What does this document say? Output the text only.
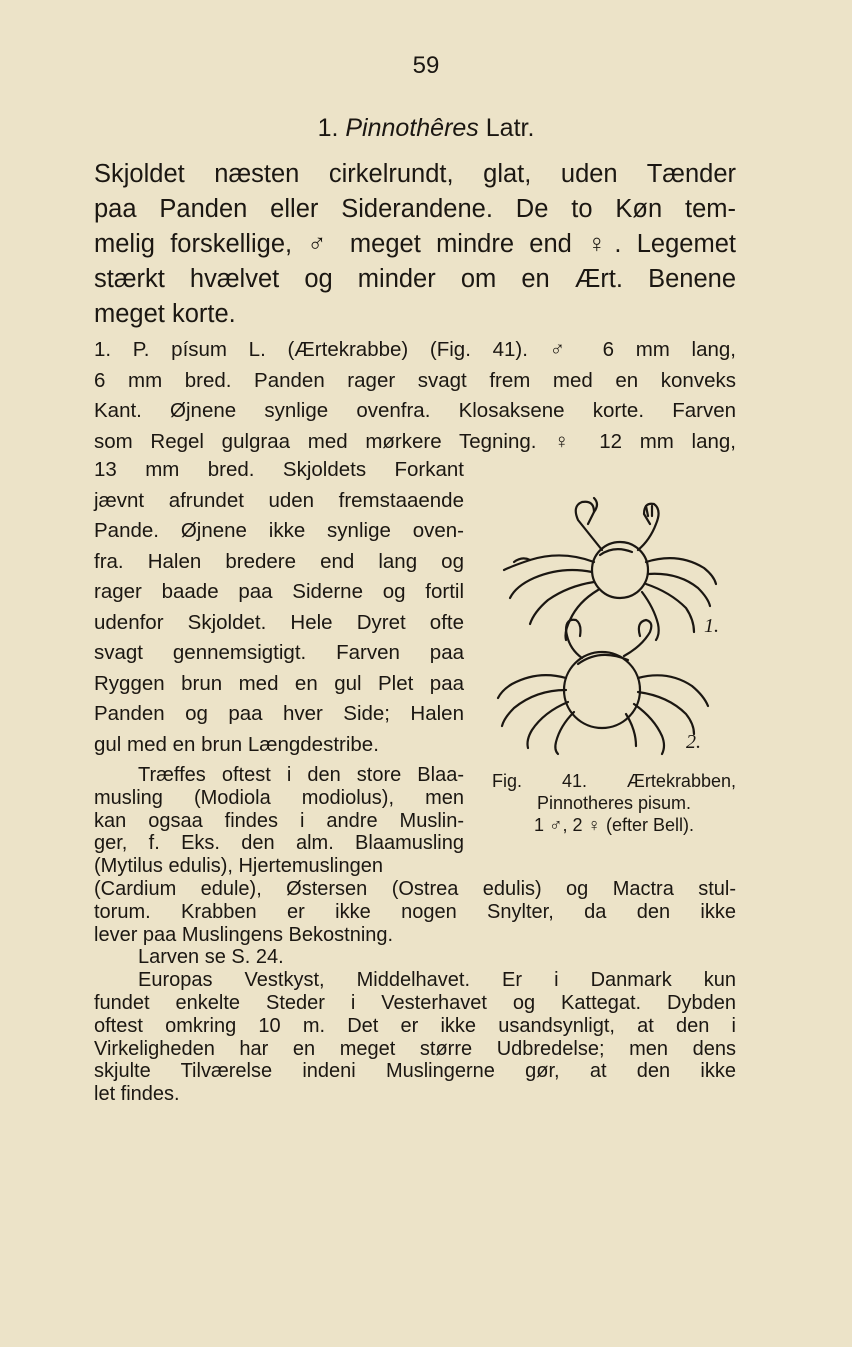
59
1. Pinnothêres Latr.
Skjoldet næsten cirkelrundt, glat, uden Tænder
paa Panden eller Siderandene. De to Køn tem-
melig forskellige, ♂ meget mindre end ♀. Legemet
stærkt hvælvet og minder om en Ært. Benene
meget korte.
1. P. písum L. (Ærtekrabbe) (Fig. 41). ♂ 6 mm lang,
6 mm bred. Panden rager svagt frem med en konveks
Kant. Øjnene synlige ovenfra. Klosaksene korte. Farven
som Regel gulgraa med mørkere Tegning. ♀ 12 mm lang,
13 mm bred. Skjoldets Forkant
jævnt afrundet uden fremstaaende
Pande. Øjnene ikke synlige oven-
fra. Halen bredere end lang og
rager baade paa Siderne og fortil
udenfor Skjoldet. Hele Dyret ofte
svagt gennemsigtigt. Farven paa
Ryggen brun med en gul Plet paa
Panden og paa hver Side; Halen
gul med en brun Længdestribe.
1.
2.
Fig. 41. Ærtekrabben,
Pinnotheres pisum.
1 ♂, 2 ♀ (efter Bell).
Træffes oftest i den store Blaa-
musling (Modiola modiolus), men
kan ogsaa findes i andre Muslin-
ger, f. Eks. den alm. Blaamusling
(Mytilus edulis), Hjertemuslingen
(Cardium edule), Østersen (Ostrea edulis) og Mactra stul-
torum. Krabben er ikke nogen Snylter, da den ikke
lever paa Muslingens Bekostning.
Larven se S. 24.
Europas Vestkyst, Middelhavet. Er i Danmark kun
fundet enkelte Steder i Vesterhavet og Kattegat. Dybden
oftest omkring 10 m. Det er ikke usandsynligt, at den i
Virkeligheden har en meget større Udbredelse; men dens
skjulte Tilværelse indeni Muslingerne gør, at den ikke
let findes.
